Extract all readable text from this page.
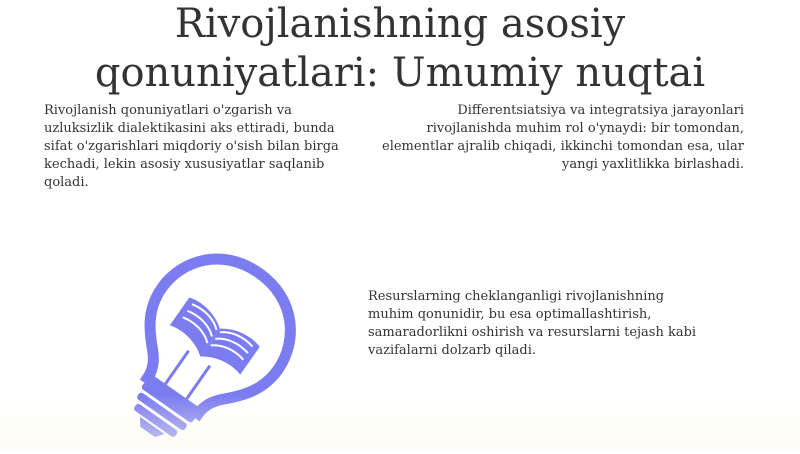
Rivojlanishning asosiy
qonuniyatlari: Umumiy nuqtai

Rivojlanish qonuniyatlari o'zgarish va uzluksizlik dialektikasini aks ettiradi, bunda sifat o'zgarishlari miqdoriy o'sish bilan birga kechadi, lekin asosiy xususiyatlar saqlanib qoladi.

Differentsiatsiya va integratsiya jarayonlari rivojlanishda muhim rol o'ynaydi: bir tomondan, elementlar ajralib chiqadi, ikkinchi tomondan esa, ular yangi yaxlitlikka birlashadi.

Resurslarning cheklanganligi rivojlanishning muhim qonunidir, bu esa optimallashtirish, samaradorlikni oshirish va resurslarni tejash kabi vazifalarni dolzarb qiladi.
